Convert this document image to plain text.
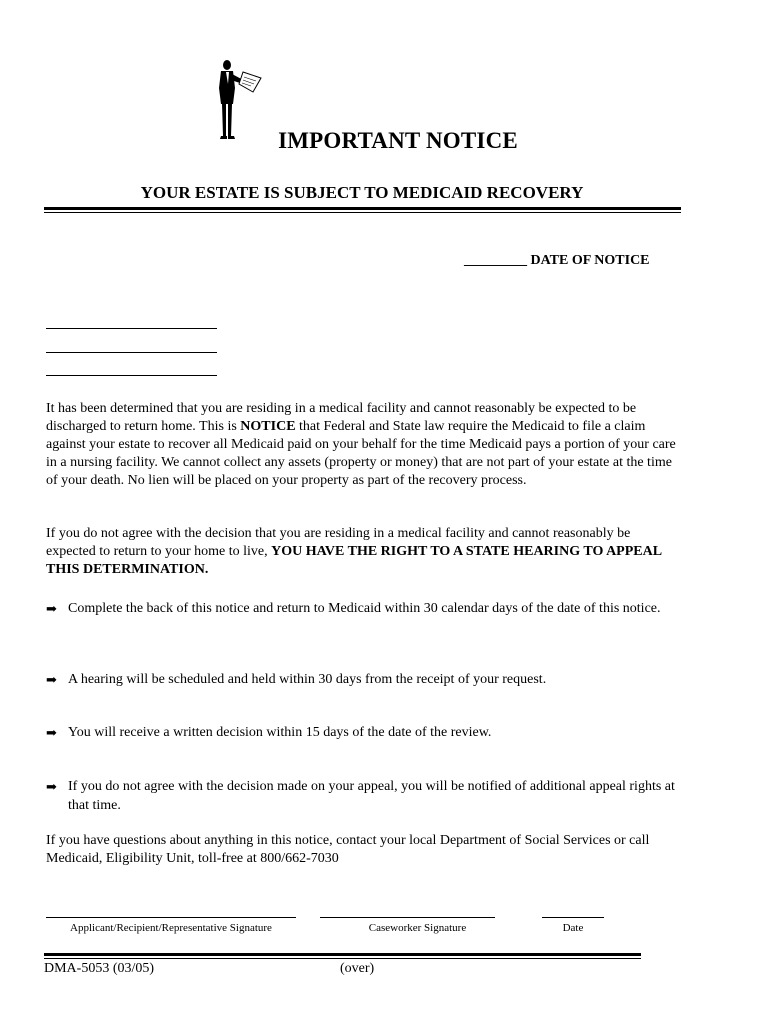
IMPORTANT NOTICE
YOUR ESTATE IS SUBJECT TO MEDICAID RECOVERY
_________ DATE OF NOTICE
It has been determined that you are residing in a medical facility and cannot reasonably be expected to be discharged to return home. This is NOTICE that Federal and State law require the Medicaid to file a claim against your estate to recover all Medicaid paid on your behalf for the time Medicaid pays a portion of your care in a nursing facility. We cannot collect any assets (property or money) that are not part of your estate at the time of your death. No lien will be placed on your property as part of the recovery process.
If you do not agree with the decision that you are residing in a medical facility and cannot reasonably be expected to return to your home to live, YOU HAVE THE RIGHT TO A STATE HEARING TO APPEAL THIS DETERMINATION.
➡ Complete the back of this notice and return to Medicaid within 30 calendar days of the date of this notice.
➡ A hearing will be scheduled and held within 30 days from the receipt of your request.
➡ You will receive a written decision within 15 days of the date of the review.
➡ If you do not agree with the decision made on your appeal, you will be notified of additional appeal rights at that time.
If you have questions about anything in this notice, contact your local Department of Social Services or call Medicaid, Eligibility Unit, toll-free at 800/662-7030
Applicant/Recipient/Representative Signature	Caseworker Signature	Date
DMA-5053 (03/05)	(over)
